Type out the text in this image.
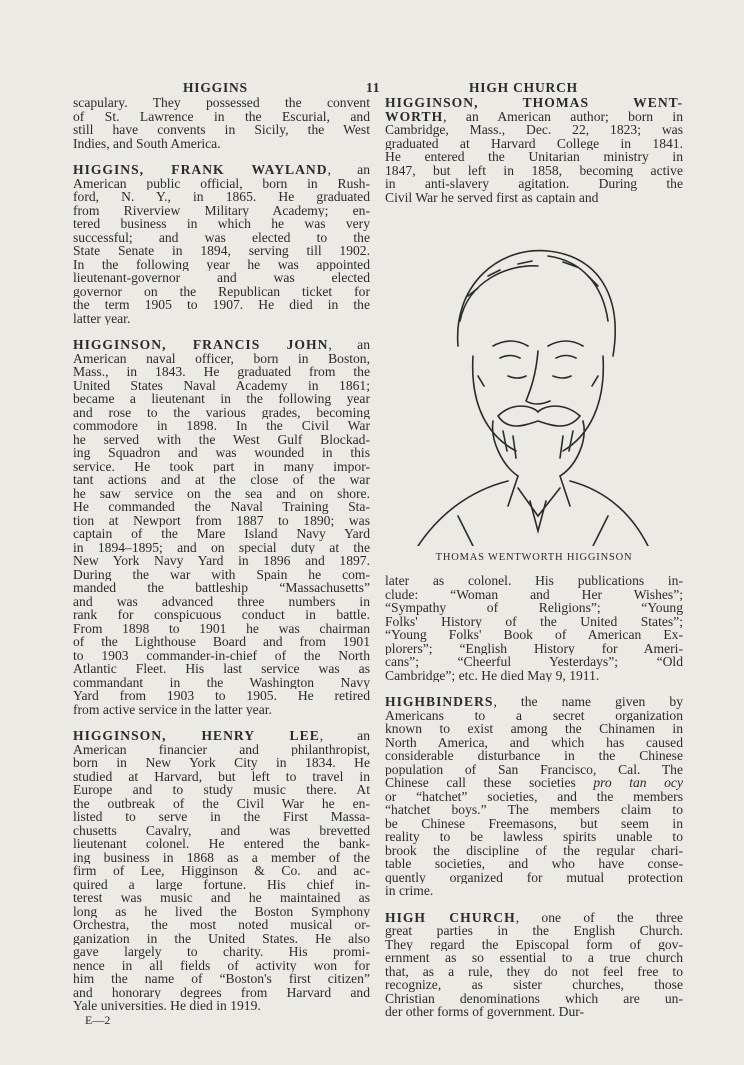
HIGGINS	11	HIGH CHURCH
scapulary. They possessed the convent
of St. Lawrence in the Escurial, and
still have convents in Sicily, the West
Indies, and South America.
HIGGINS, FRANK WAYLAND, an
American public official, born in Rush-
ford, N. Y., in 1865. He graduated
from Riverview Military Academy; en-
tered business in which he was very
successful; and was elected to the
State Senate in 1894, serving till 1902.
In the following year he was appointed
lieutenant-governor and was elected
governor on the Republican ticket for
the term 1905 to 1907. He died in the
latter year.
HIGGINSON, FRANCIS JOHN, an
American naval officer, born in Boston,
Mass., in 1843. He graduated from the
United States Naval Academy in 1861;
became a lieutenant in the following year
and rose to the various grades, becoming
commodore in 1898. In the Civil War
he served with the West Gulf Blockad-
ing Squadron and was wounded in this
service. He took part in many impor-
tant actions and at the close of the war
he saw service on the sea and on shore.
He commanded the Naval Training Sta-
tion at Newport from 1887 to 1890; was
captain of the Mare Island Navy Yard
in 1894–1895; and on special duty at the
New York Navy Yard in 1896 and 1897.
During the war with Spain he com-
manded the battleship “Massachusetts”
and was advanced three numbers in
rank for conspicuous conduct in battle.
From 1898 to 1901 he was chairman
of the Lighthouse Board and from 1901
to 1903 commander-in-chief of the North
Atlantic Fleet. His last service was as
commandant in the Washington Navy
Yard from 1903 to 1905. He retired
from active service in the latter year.
HIGGINSON, HENRY LEE, an
American financier and philanthropist,
born in New York City in 1834. He
studied at Harvard, but left to travel in
Europe and to study music there. At
the outbreak of the Civil War he en-
listed to serve in the First Massa-
chusetts Cavalry, and was brevetted
lieutenant colonel. He entered the bank-
ing business in 1868 as a member of the
firm of Lee, Higginson & Co. and ac-
quired a large fortune. His chief in-
terest was music and he maintained as
long as he lived the Boston Symphony
Orchestra, the most noted musical or-
ganization in the United States. He also
gave largely to charity. His promi-
nence in all fields of activity won for
him the name of “Boston's first citizen”
and honorary degrees from Harvard and
Yale universities. He died in 1919.
E—2
HIGGINSON, THOMAS WENT-
WORTH, an American author; born in
Cambridge, Mass., Dec. 22, 1823; was
graduated at Harvard College in 1841.
He entered the Unitarian ministry in
1847, but left in 1858, becoming active
in anti-slavery agitation. During the
Civil War he served first as captain and
THOMAS WENTWORTH HIGGINSON
later as colonel. His publications in-
clude: “Woman and Her Wishes”;
“Sympathy of Religions”; “Young
Folks' History of the United States”;
“Young Folks' Book of American Ex-
plorers”; “English History for Ameri-
cans”; “Cheerful Yesterdays”; “Old
Cambridge”; etc. He died May 9, 1911.
HIGHBINDERS, the name given by
Americans to a secret organization
known to exist among the Chinamen in
North America, and which has caused
considerable disturbance in the Chinese
population of San Francisco, Cal. The
Chinese call these societies pro tan ocy
or “hatchet” societies, and the members
“hatchet boys.” The members claim to
be Chinese Freemasons, but seem in
reality to be lawless spirits unable to
brook the discipline of the regular chari-
table societies, and who have conse-
quently organized for mutual protection
in crime.
HIGH CHURCH, one of the three
great parties in the English Church.
They regard the Episcopal form of gov-
ernment as so essential to a true church
that, as a rule, they do not feel free to
recognize, as sister churches, those
Christian denominations which are un-
der other forms of government. Dur-
